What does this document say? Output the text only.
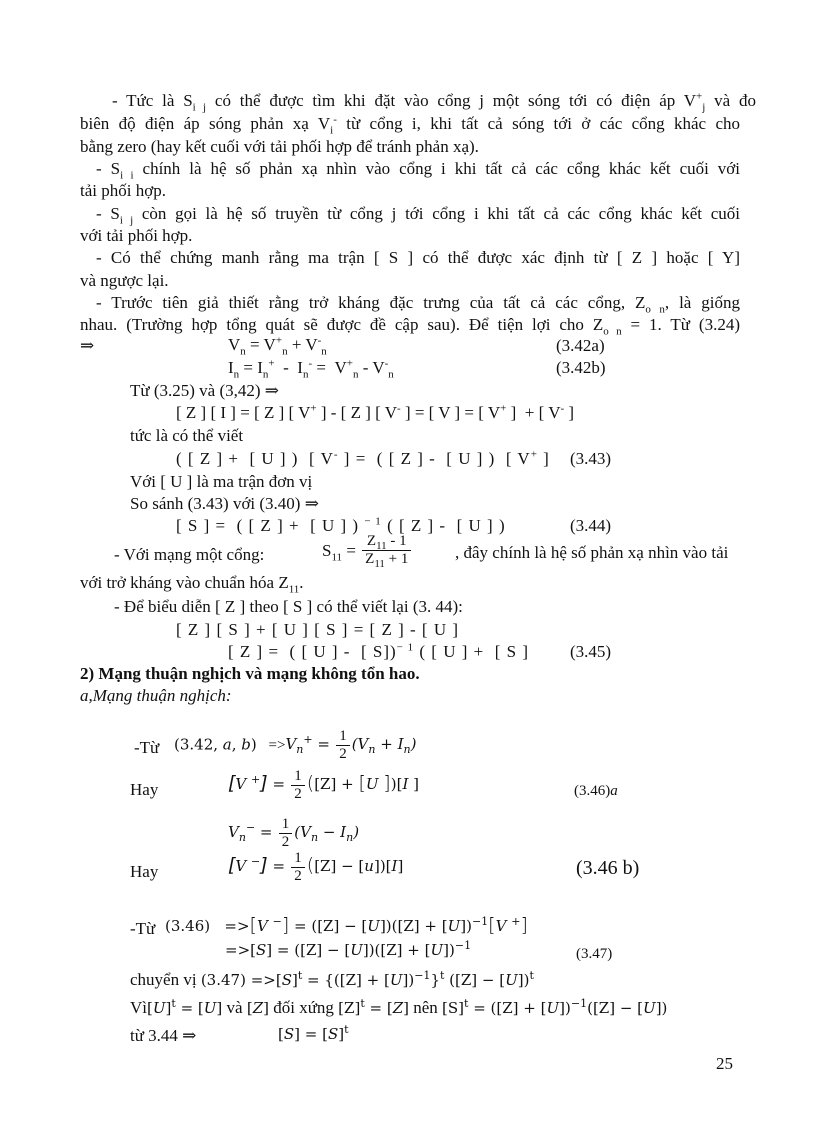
- Tức là $S_{i j}$ có thể được tìm khi đặt vào cổng j một sóng tới có điện áp $V^+_j$ và đo
biên độ điện áp sóng phản xạ $V_i^-$ từ cổng i, khi tất cả sóng tới ở các cổng khác cho
bằng zero (hay kết cuối với tải phối hợp để tránh phản xạ).
- $S_{i i}$ chính là hệ số phản xạ nhìn vào cổng i khi tất cả các cổng khác kết cuối với
tải phối hợp.
- $S_{i j}$ còn gọi là hệ số truyền từ cổng j tới cổng i khi tất cả các cổng khác kết cuối
với tải phối hợp.
- Có thể chứng manh rằng ma trận [ S ] có thể được xác định từ [ Z ] hoặc [ Y]
và ngược lại.
- Trước tiên giả thiết rằng trở kháng đặc trưng của tất cả các cổng, $Z_{o n}$, là giống
nhau. (Trường hợp tổng quát sẽ được đề cập sau). Để tiện lợi cho $Z_{o n} = 1$. Từ (3.24)
⇒	$V_n = V^+_n + V^-_n$	(3.42a)
$I_n = I_n^+ - I_n^- = V^+_n - V^-_n$	(3.42b)
Từ (3.25) và (3,42) ⇒
[ Z ] [ I ] = [ Z ] [ V+ ] - [ Z ] [ V- ] = [ V ] = [ V+ ]  + [ V- ]
tức là có thể viết
( [ Z ] +  [ U ] )  [ V- ] =  ( [ Z ] -  [ U ] )  [ V+ ] (3.43)
Với [ U ] là ma trận đơn vị
So sánh (3.43) với (3.40) ⇒
[ S ] =  ( [ Z ] +  [ U ] ) $^{- 1}$ ( [ Z ] -  [ U ] )	(3.44)
- Với mạng một cổng:	$S_{11} = \frac{Z_{11} - 1}{Z_{11} + 1}$	, đây chính là hệ số phản xạ nhìn vào tải
với trở kháng vào chuẩn hóa $Z_{11}$.
- Để biểu diễn [ Z ] theo [ S ] có thể viết lại (3. 44):
[ Z ] [ S ] + [ U ] [ S ] = [ Z ] - [ U ]
[ Z ] =  ( [ U ] -  [ S])$^{- 1}$ ( [ U ] +  [ S ] (3.45)
2) Mạng thuận nghịch và mạng không tổn hao.
a,Mạng thuận nghịch:
-Từ (3.42, a, $b) =>V_n^+ = \frac{1}{2} (V_n + I_n)$
Hay	[V $^+] = \frac{1}{2} ([Z] + [U$ ])[I ]	(3.46)a
$V_n^- = \frac{1}{2} (V_n - I_n)$
Hay	[V $^-] = \frac{1}{2} ([Z] - [u])[I]$	(3.46 b)
-Từ (3.46)   =>[V $^-] = ([Z] - [U])([Z] + [U])^{-1}[V$ +]
$=>[S] = ([Z] - [U])([Z] + [U])^{-1}$
(3.47)
chuyển vị $(3.47) =>[S]^t = \{([Z] + [U])^{-1}\}^t$ $([Z] - [U])^t$
$Vì[U]^t = [U]$ và [Z] đối xứng $[Z]^t = [Z]$ nên $[S]^t = ([Z] + [U])^{-1}([Z] - [U])$
từ 3.44 ⇒	$[S] = [S]^t$
25
